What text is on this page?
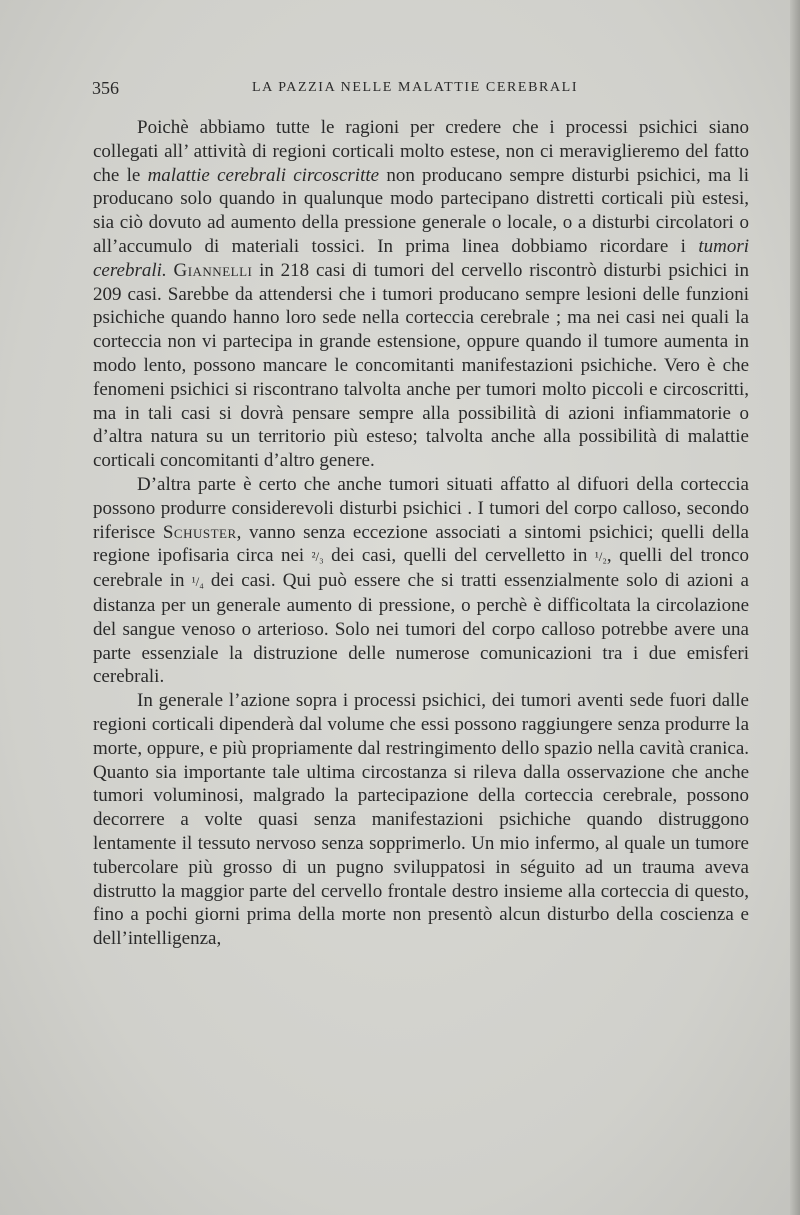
356	LA PAZZIA NELLE MALATTIE CEREBRALI

Poichè abbiamo tutte le ragioni per credere che i processi psichici siano collegati all’ attività di regioni corticali molto estese, non ci meraviglieremo del fatto che le malattie cerebrali circoscritte non producano sempre disturbi psichici, ma li producano solo quando in qualunque modo partecipano distretti corticali più estesi, sia ciò dovuto ad aumento della pressione generale o locale, o a disturbi circolatori o all’accumulo di materiali tossici. In prima linea dobbiamo ricordare i tumori cerebrali. Giannelli in 218 casi di tumori del cervello riscontrò disturbi psichici in 209 casi. Sarebbe da attendersi che i tumori producano sempre lesioni delle funzioni psichiche quando hanno loro sede nella corteccia cerebrale ; ma nei casi nei quali la corteccia non vi partecipa in grande estensione, oppure quando il tumore aumenta in modo lento, possono mancare le concomitanti manifestazioni psichiche. Vero è che fenomeni psichici si riscontrano talvolta anche per tumori molto piccoli e circoscritti, ma in tali casi si dovrà pensare sempre alla possibilità di azioni infiammatorie o d’altra natura su un territorio più esteso; talvolta anche alla possibilità di malattie corticali concomitanti d’altro genere.

D’altra parte è certo che anche tumori situati affatto al difuori della corteccia possono produrre considerevoli disturbi psichici . I tumori del corpo calloso, secondo riferisce Schuster, vanno senza eccezione associati a sintomi psichici; quelli della regione ipofisaria circa nei ²/₃ dei casi, quelli del cervelletto in ¹/₂, quelli del tronco cerebrale in ¹/₄ dei casi. Qui può essere che si tratti essenzialmente solo di azioni a distanza per un generale aumento di pressione, o perchè è difficoltata la circolazione del sangue venoso o arterioso. Solo nei tumori del corpo calloso potrebbe avere una parte essenziale la distruzione delle numerose comunicazioni tra i due emisferi cerebrali.

In generale l’azione sopra i processi psichici, dei tumori aventi sede fuori dalle regioni corticali dipenderà dal volume che essi possono raggiungere senza produrre la morte, oppure, e più propriamente dal restringimento dello spazio nella cavità cranica. Quanto sia importante tale ultima circostanza si rileva dalla osservazione che anche tumori voluminosi, malgrado la partecipazione della corteccia cerebrale, possono decorrere a volte quasi senza manifestazioni psichiche quando distruggono lentamente il tessuto nervoso senza sopprimerlo. Un mio infermo, al quale un tumore tubercolare più grosso di un pugno sviluppatosi in séguito ad un trauma aveva distrutto la maggior parte del cervello frontale destro insieme alla corteccia di questo, fino a pochi giorni prima della morte non presentò alcun disturbo della coscienza e dell’intelligenza,
